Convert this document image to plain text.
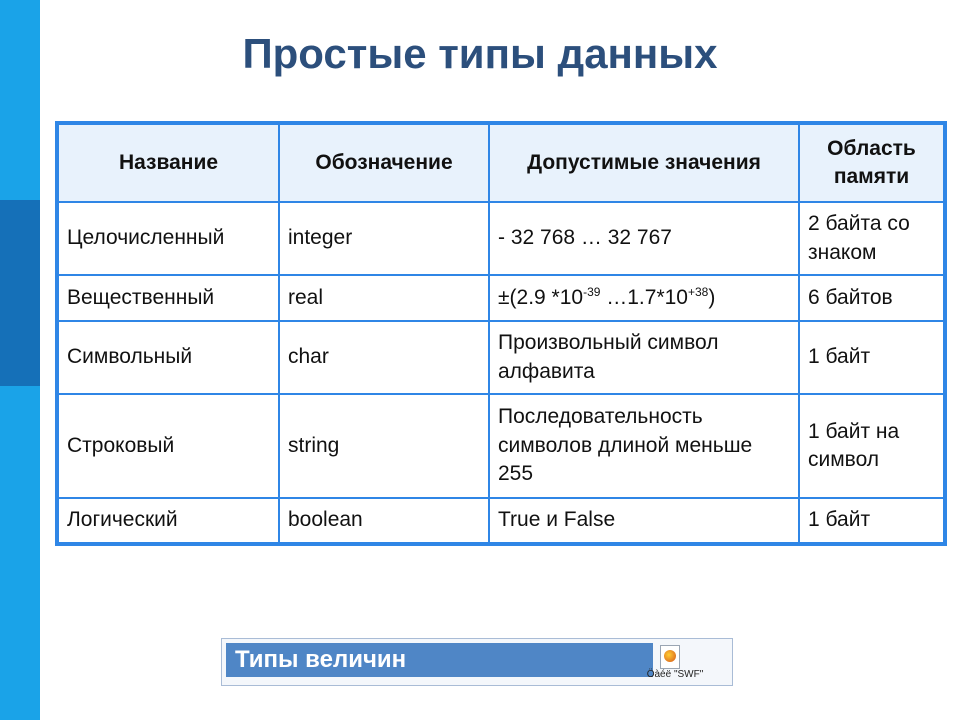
Простые типы данных
Название	Обозначение	Допустимые значения	Область памяти
Целочисленный	integer	- 32 768 … 32 767	2 байта со знаком
Вещественный	real	±(2.9 $*10^{-39}$ $\dots 1.7*10^{+38}$)	6 байтов
Символьный	char	Произвольный символ алфавита	1 байт
Строковый	string	Последовательность символов длиной меньше 255	1 байт на символ
Логический	boolean	True и False	1 байт
Типы величин
Öàéë "SWF"
